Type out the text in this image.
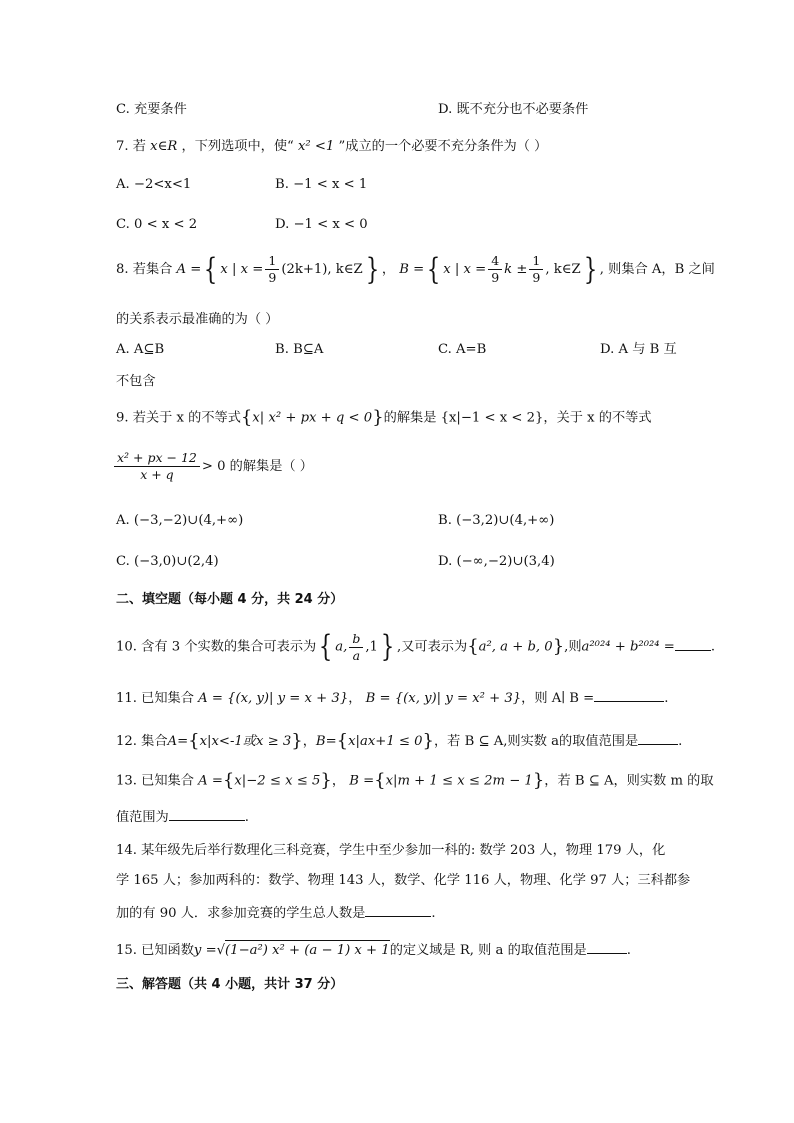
C. 充要条件	D. 既不充分也不必要条件
7. 若 x∈R ，下列选项中，使“ x² <1 ”成立的一个必要不充分条件为（ ）
A. −2<x<1	B. −1 < x < 1
C. 0 < x < 2	D. −1 < x < 0
8. 若集合 A ={ x | $x = \frac{1}{9} (2k+1)$, k∈Z} ， B ={ x | $x = \frac{4}{9}$ $k \pm \frac{1}{9}$ , k∈Z} , 则集合 A，B 之间
的关系表示最准确的为（ ）
A. A⊆B	B. B⊆A	C. A=B	D. A 与 B 互
不包含
9. 若关于 x 的不等式{x| x² + px + q < 0}的解集是 {x|−1 < x < 2}，关于 x 的不等式
$\frac{\text{x² + px − 12}}{x + q} > 0$ 的解集是（ ）
A. (−3,−2)∪(4,+∞)	B. (−3,2)∪(4,+∞)
C. (−3,0)∪(2,4)	D. (−∞,−2)∪(3,4)
二、填空题（每小题 4 分，共 24 分）
10. 含有 3 个实数的集合可表示为{ a, $\frac{b}{a} ,1$} ,又可表示为{a², a + b, 0},则a²⁰²⁴ + b²⁰²⁴ =	.
11. 已知集合 A = {(x, y)| y = x + 3}， B = {(x, y)| y = x² + 3}，则 A∣ B =	.
12. 集合A={x|x<-1或x ≥ 3}，B={x|ax+1 ≤ 0}，若 B ⊆ A,则实数 a的取值范围是	.
13. 已知集合 A ={x|−2 ≤ x ≤ 5}， B ={x|m + 1 ≤ x ≤ 2m − 1}，若 B ⊆ A，则实数 m 的取
值范围为	.
14. 某年级先后举行数理化三科竞赛，学生中至少参加一科的: 数学 203 人，物理 179 人，化
学 165 人；参加两科的：数学、物理 143 人，数学、化学 116 人，物理、化学 97 人；三科都参
加的有 90 人．求参加竞赛的学生总人数是	.
15. 已知函数y =√(1−a²) x² + (a − 1) x + 1的定义域是 R, 则 a 的取值范围是	.
三、解答题（共 4 小题，共计 37 分）
